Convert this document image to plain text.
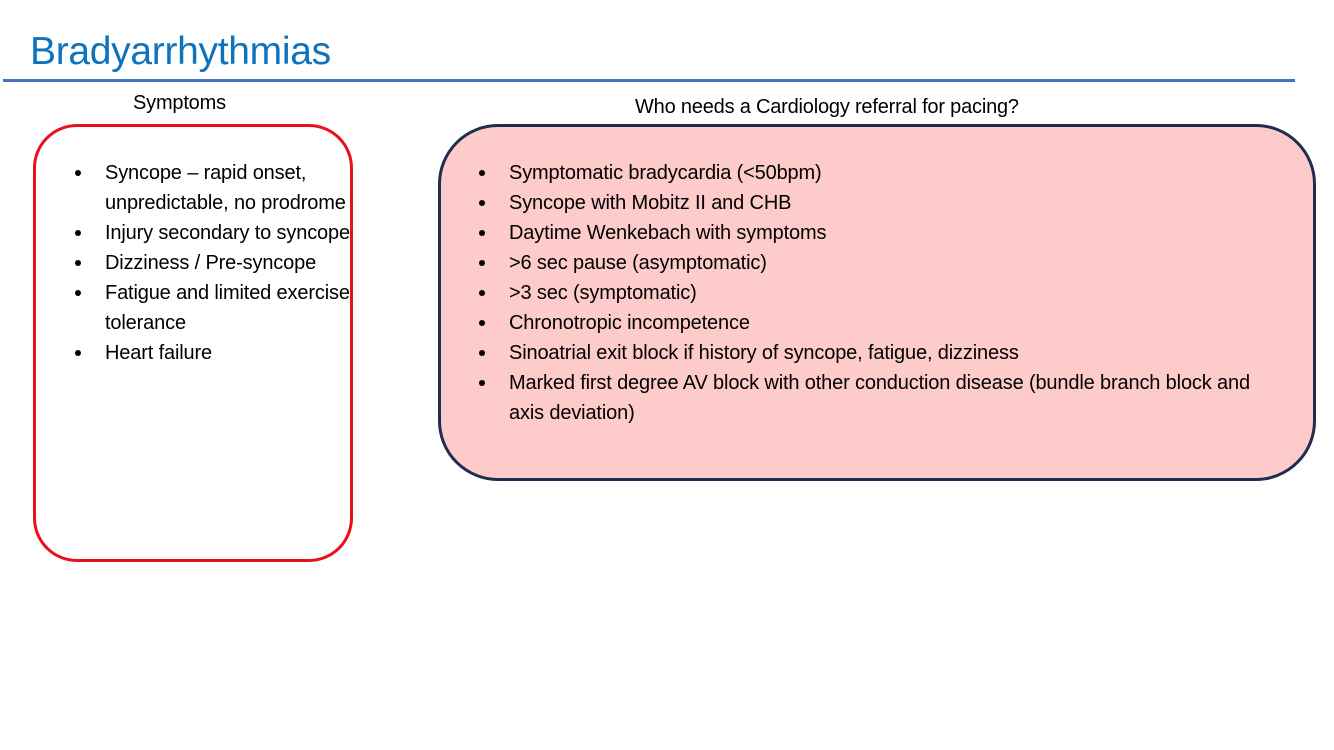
Bradyarrhythmias
Symptoms	Who needs a Cardiology referral for pacing?
Syncope – rapid onset, unpredictable, no prodrome
Injury secondary to syncope
Dizziness / Pre-syncope
Fatigue and limited exercise tolerance
Heart failure
Symptomatic bradycardia (<50bpm)
Syncope with Mobitz II and CHB
Daytime Wenkebach with symptoms
>6 sec pause (asymptomatic)
>3 sec (symptomatic)
Chronotropic incompetence
Sinoatrial exit block if history of syncope, fatigue, dizziness
Marked first degree AV block with other conduction disease (bundle branch block and axis deviation)
